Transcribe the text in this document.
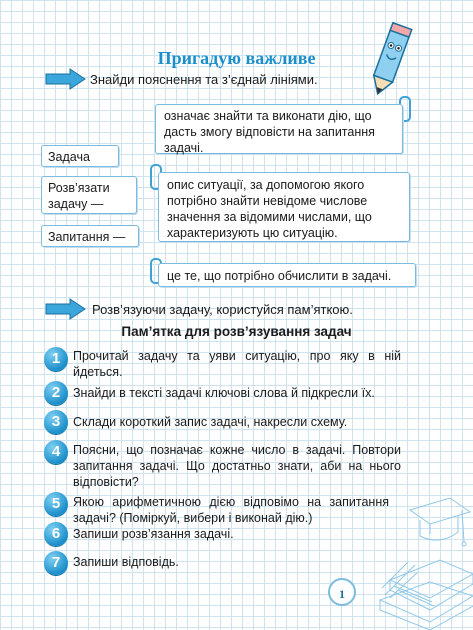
Пригадую важливе
Знайди пояснення та з’єднай лініями.
означає знайти та виконати дію, що дасть змогу відповісти на запитання задачі.
Задача
Розв’язати задачу —
Запитання —
опис ситуації, за допомогою якого потрібно знайти невідоме числове значення за відомими числами, що характеризують цю ситуацію.
це те, що потрібно обчислити в задачі.
Розв’язуючи задачу, користуйся пам’яткою.
Пам’ятка для розв’язування задач
1	Прочитай задачу та уяви ситуацію, про яку в ній йдеться.
2	Знайди в тексті задачі ключові слова й підкресли їх.
3	Склади короткий запис задачі, накресли схему.
4	Поясни, що позначає кожне число в задачі. Повтори запитання задачі. Що достатньо знати, аби на нього відповісти?
5	Якою арифметичною дією відповімо на запитання задачі? (Поміркуй, вибери і виконай дію.)
6	Запиши розв’язання задачі.
7	Запиши відповідь.
1
